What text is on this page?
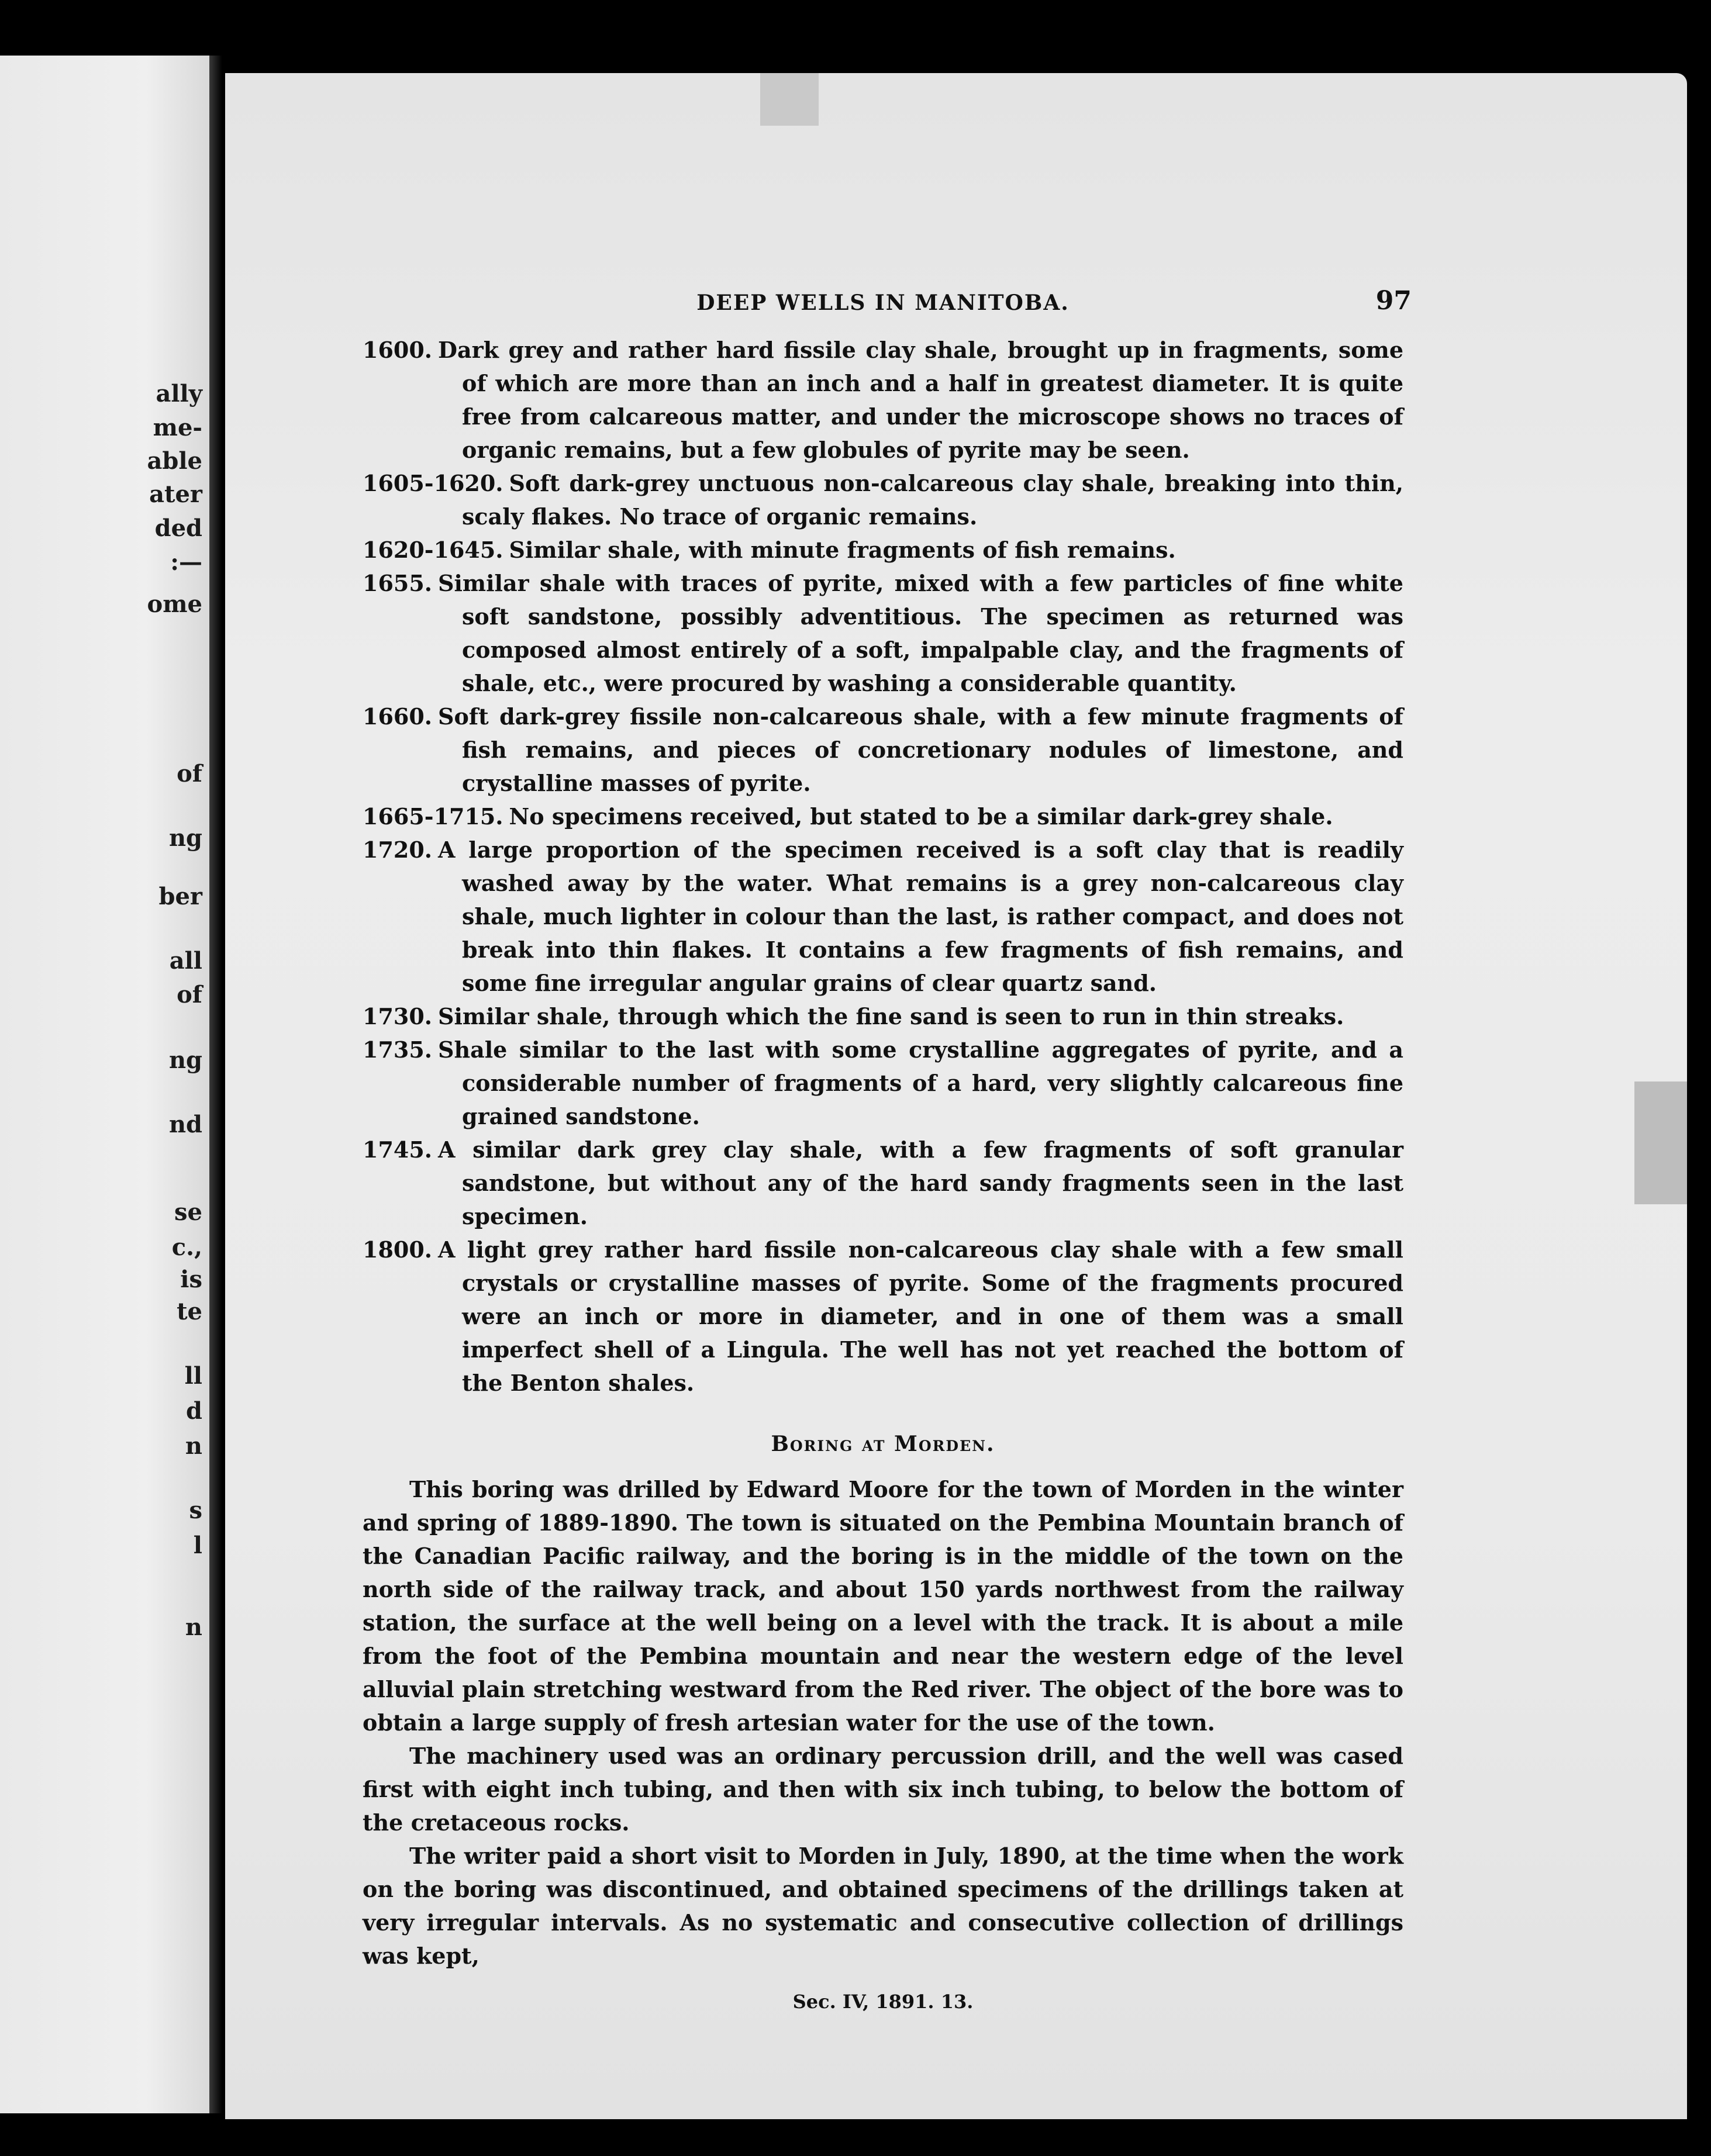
ally
me-
able
ater
ded
:—
ome
of
ng
ber
all
of
ng
nd
se
c.,
is
te
ll
d
n
s
l
n
DEEP WELLS IN MANITOBA.	97

1600. Dark grey and rather hard fissile clay shale, brought up in fragments, some of which are more than an inch and a half in greatest diameter. It is quite free from calcareous matter, and under the microscope shows no traces of organic remains, but a few globules of pyrite may be seen.

1605-1620. Soft dark-grey unctuous non-calcareous clay shale, breaking into thin, scaly flakes. No trace of organic remains.

1620-1645. Similar shale, with minute fragments of fish remains.

1655. Similar shale with traces of pyrite, mixed with a few particles of fine white soft sandstone, possibly adventitious. The specimen as returned was composed almost entirely of a soft, impalpable clay, and the fragments of shale, etc., were procured by washing a considerable quantity.

1660. Soft dark-grey fissile non-calcareous shale, with a few minute fragments of fish remains, and pieces of concretionary nodules of limestone, and crystalline masses of pyrite.

1665-1715. No specimens received, but stated to be a similar dark-grey shale.

1720. A large proportion of the specimen received is a soft clay that is readily washed away by the water. What remains is a grey non-calcareous clay shale, much lighter in colour than the last, is rather compact, and does not break into thin flakes. It contains a few fragments of fish remains, and some fine irregular angular grains of clear quartz sand.

1730. Similar shale, through which the fine sand is seen to run in thin streaks.

1735. Shale similar to the last with some crystalline aggregates of pyrite, and a considerable number of fragments of a hard, very slightly calcareous fine grained sandstone.

1745. A similar dark grey clay shale, with a few fragments of soft granular sandstone, but without any of the hard sandy fragments seen in the last specimen.

1800. A light grey rather hard fissile non-calcareous clay shale with a few small crystals or crystalline masses of pyrite. Some of the fragments procured were an inch or more in diameter, and in one of them was a small imperfect shell of a Lingula. The well has not yet reached the bottom of the Benton shales.

Boring at Morden.

This boring was drilled by Edward Moore for the town of Morden in the winter and spring of 1889-1890. The town is situated on the Pembina Mountain branch of the Canadian Pacific railway, and the boring is in the middle of the town on the north side of the railway track, and about 150 yards northwest from the railway station, the surface at the well being on a level with the track. It is about a mile from the foot of the Pembina mountain and near the western edge of the level alluvial plain stretching westward from the Red river. The object of the bore was to obtain a large supply of fresh artesian water for the use of the town.

The machinery used was an ordinary percussion drill, and the well was cased first with eight inch tubing, and then with six inch tubing, to below the bottom of the cretaceous rocks.

The writer paid a short visit to Morden in July, 1890, at the time when the work on the boring was discontinued, and obtained specimens of the drillings taken at very irregular intervals. As no systematic and consecutive collection of drillings was kept,

Sec. IV, 1891. 13.
